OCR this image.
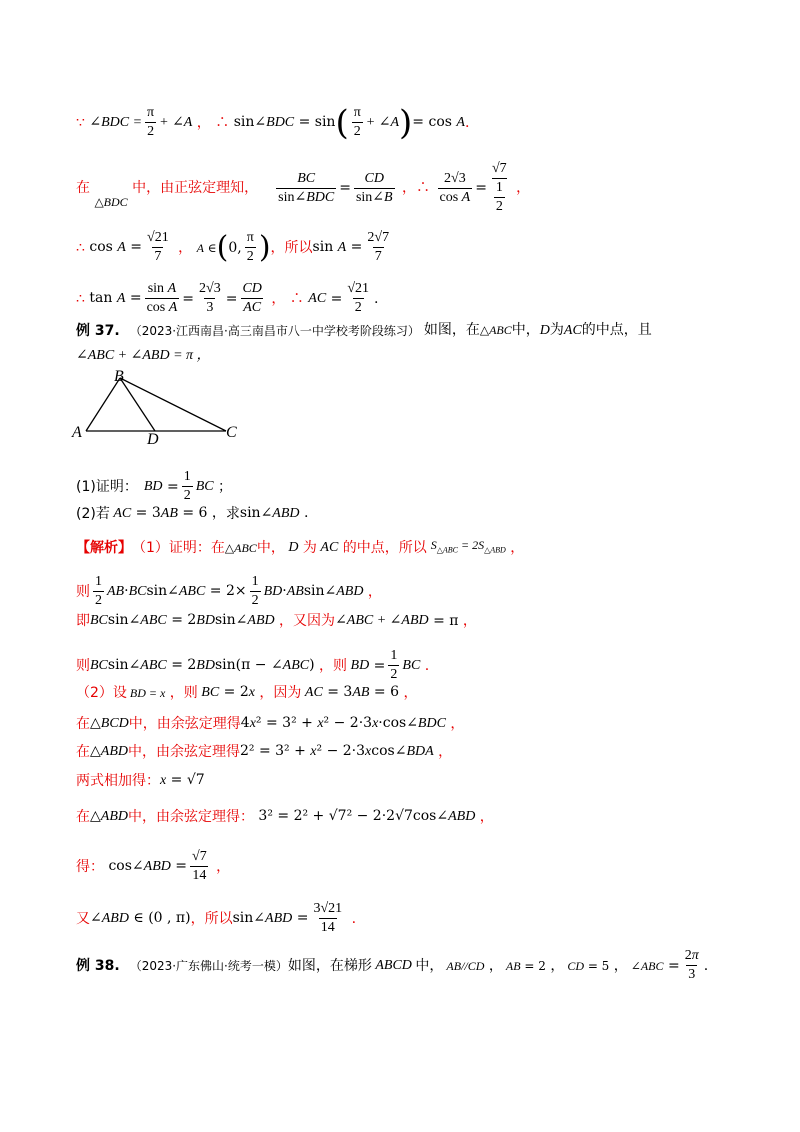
∵ ∠BDC = $\frac{\pi}{2}$ + ∠A ， ∴ sin∠BDC = sin ( $\frac{\pi}{2}$ + ∠A ) = cos A .
在 △BDC 中，由正弦定理知， $\frac{BC}{\text{sin∠BDC}} = \frac{CD}{\sin\angle B}$ ，∴ $\frac{2√3}{\text{cos A}} = \frac{√7}{\frac{1}{2}}$ ，
∴ $\cos A = \frac{√21}{7}$ ， A ∈ ( 0, $\frac{\pi}{2}$ ) ，所以 $\sin A = \frac{2√7}{7}$
∴ $\tan A = \frac{\text{sin A}}{\text{cos A}} = \frac{2√3}{3} = \frac{CD}{AC}$ ， ∴ AC = $\frac{√21}{2}$ .
例 37. （2023·江西南昌·高三南昌市八一中学校考阶段练习） 如图，在△ABC中，D为AC的中点，且
∠ABC + ∠ABD = π ，
B
A	D	C
(1)证明： BD = $\frac{1}{2}$ BC ；
(2)若 AC = 3AB = 6 ， 求 sin∠ABD .
【解析】 （1）证明：在 △ABC 中， D 为 AC 的中点，所以 $S_{\triangle ABC} = 2S_{\triangle ABD}$ ，
则 $\frac{1}{2}$ AB·BCsin∠ABC = $2\times \frac{1}{2}$ BD·ABsin∠ABD ，
即 BCsin∠ABC = 2BDsin∠ABD ，又因为 ∠ABC + ∠ABD = π ，
则 BCsin∠ABC = 2BDsin(π − ∠ABC) ，则 BD = $\frac{1}{2}$ BC .
（2）设 BD = x ，则 BC = 2x ，因为 AC = 3AB = 6 ，
在 △BCD 中，由余弦定理得 4x² = 3² + x² − 2·3x·cos∠BDC ，
在 △ABD 中，由余弦定理得 2² = 3² + x² − 2·3xcos∠BDA ，
两式相加得： x = √7
在 △ABD 中，由余弦定理得： 3² = 2² + √7² − 2·2√7cos∠ABD ，
得： cos∠ABD = $\frac{√7}{14}$ ，
又 ∠ABD ∈ (0 , π) ，所以 sin∠ABD = $\frac{3√21}{14}$ .
例 38. （2023·广东佛山·统考一模） 如图，在梯形 ABCD 中， AB//CD ， AB = 2 ， CD = 5 ， ∠ABC = $\frac{2\pi}{3}$ .
